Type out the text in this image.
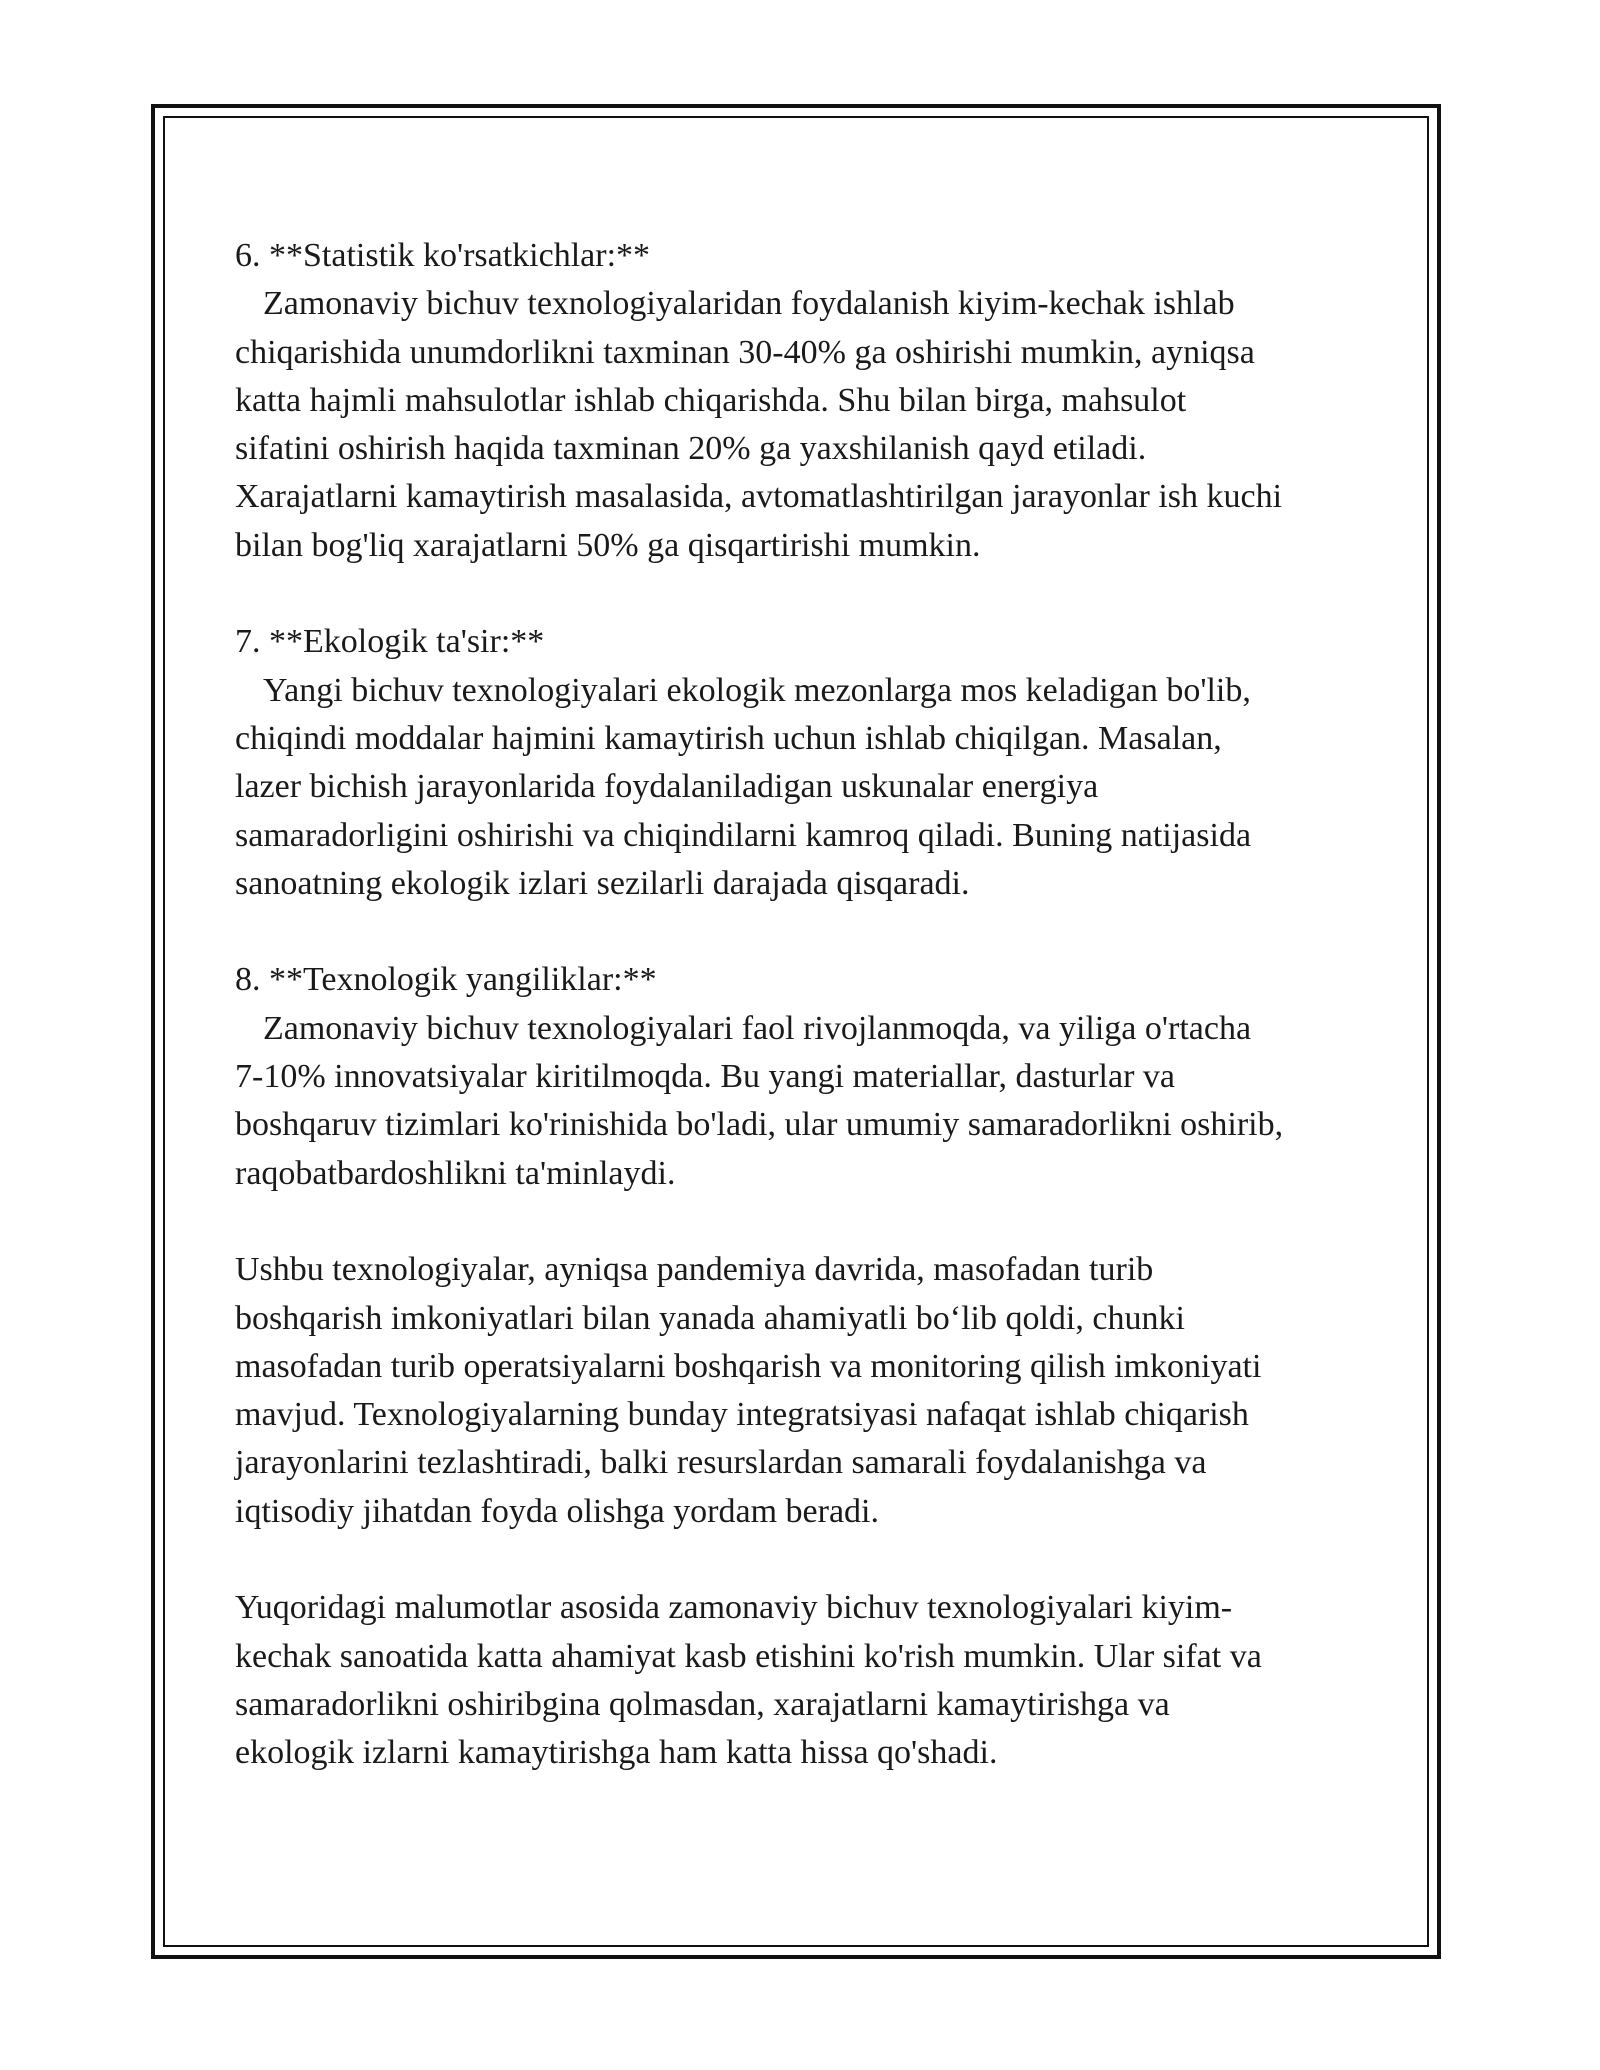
6. **Statistik ko'rsatkichlar:**
Zamonaviy bichuv texnologiyalaridan foydalanish kiyim-kechak ishlab
chiqarishida unumdorlikni taxminan 30-40% ga oshirishi mumkin, ayniqsa
katta hajmli mahsulotlar ishlab chiqarishda. Shu bilan birga, mahsulot
sifatini oshirish haqida taxminan 20% ga yaxshilanish qayd etiladi.
Xarajatlarni kamaytirish masalasida, avtomatlashtirilgan jarayonlar ish kuchi
bilan bog'liq xarajatlarni 50% ga qisqartirishi mumkin.
7. **Ekologik ta'sir:**
Yangi bichuv texnologiyalari ekologik mezonlarga mos keladigan bo'lib,
chiqindi moddalar hajmini kamaytirish uchun ishlab chiqilgan. Masalan,
lazer bichish jarayonlarida foydalaniladigan uskunalar energiya
samaradorligini oshirishi va chiqindilarni kamroq qiladi. Buning natijasida
sanoatning ekologik izlari sezilarli darajada qisqaradi.
8. **Texnologik yangiliklar:**
Zamonaviy bichuv texnologiyalari faol rivojlanmoqda, va yiliga o'rtacha
7-10% innovatsiyalar kiritilmoqda. Bu yangi materiallar, dasturlar va
boshqaruv tizimlari ko'rinishida bo'ladi, ular umumiy samaradorlikni oshirib,
raqobatbardoshlikni ta'minlaydi.
Ushbu texnologiyalar, ayniqsa pandemiya davrida, masofadan turib
boshqarish imkoniyatlari bilan yanada ahamiyatli boʻlib qoldi, chunki
masofadan turib operatsiyalarni boshqarish va monitoring qilish imkoniyati
mavjud. Texnologiyalarning bunday integratsiyasi nafaqat ishlab chiqarish
jarayonlarini tezlashtiradi, balki resurslardan samarali foydalanishga va
iqtisodiy jihatdan foyda olishga yordam beradi.
Yuqoridagi malumotlar asosida zamonaviy bichuv texnologiyalari kiyim-
kechak sanoatida katta ahamiyat kasb etishini ko'rish mumkin. Ular sifat va
samaradorlikni oshiribgina qolmasdan, xarajatlarni kamaytirishga va
ekologik izlarni kamaytirishga ham katta hissa qo'shadi.
